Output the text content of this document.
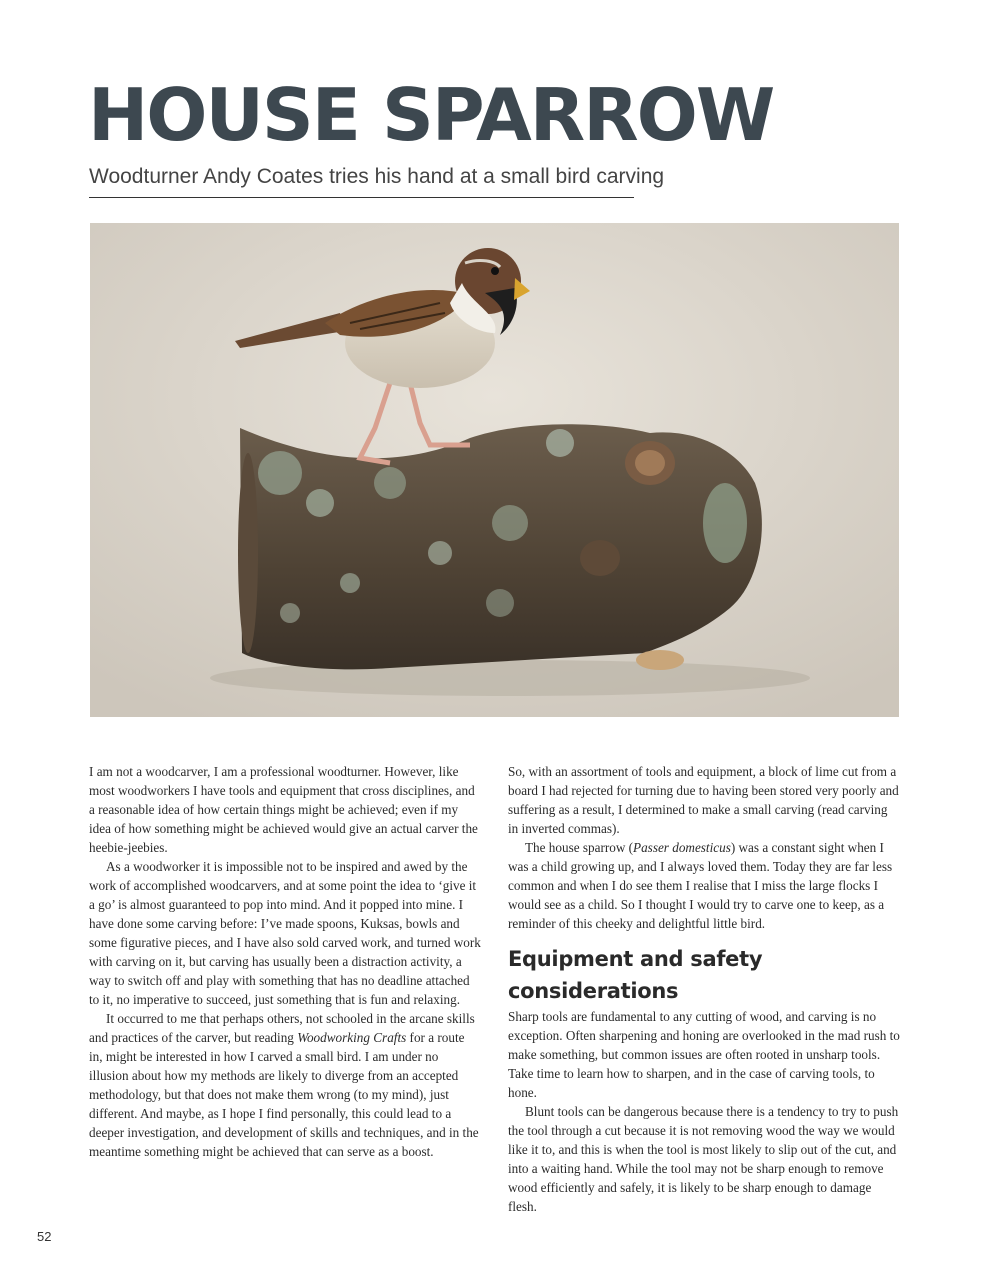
HOUSE SPARROW
Woodturner Andy Coates tries his hand at a small bird carving

I am not a woodcarver, I am a professional woodturner. However, like most woodworkers I have tools and equipment that cross disciplines, and a reasonable idea of how certain things might be achieved; even if my idea of how something might be achieved would give an actual carver the heebie-jeebies.

As a woodworker it is impossible not to be inspired and awed by the work of accomplished woodcarvers, and at some point the idea to ‘give it a go’ is almost guaranteed to pop into mind. And it popped into mine. I have done some carving before: I’ve made spoons, Kuksas, bowls and some figurative pieces, and I have also sold carved work, and turned work with carving on it, but carving has usually been a distraction activity, a way to switch off and play with something that has no deadline attached to it, no imperative to succeed, just something that is fun and relaxing.

It occurred to me that perhaps others, not schooled in the arcane skills and practices of the carver, but reading Woodworking Crafts for a route in, might be interested in how I carved a small bird. I am under no illusion about how my methods are likely to diverge from an accepted methodology, but that does not make them wrong (to my mind), just different. And maybe, as I hope I find personally, this could lead to a deeper investigation, and development of skills and techniques, and in the meantime something might be achieved that can serve as a boost.

So, with an assortment of tools and equipment, a block of lime cut from a board I had rejected for turning due to having been stored very poorly and suffering as a result, I determined to make a small carving (read carving in inverted commas).

The house sparrow (Passer domesticus) was a constant sight when I was a child growing up, and I always loved them. Today they are far less common and when I do see them I realise that I miss the large flocks I would see as a child. So I thought I would try to carve one to keep, as a reminder of this cheeky and delightful little bird.

Equipment and safety considerations

Sharp tools are fundamental to any cutting of wood, and carving is no exception. Often sharpening and honing are overlooked in the mad rush to make something, but common issues are often rooted in unsharp tools. Take time to learn how to sharpen, and in the case of carving tools, to hone.

Blunt tools can be dangerous because there is a tendency to try to push the tool through a cut because it is not removing wood the way we would like it to, and this is when the tool is most likely to slip out of the cut, and into a waiting hand. While the tool may not be sharp enough to remove wood efficiently and safely, it is likely to be sharp enough to damage flesh.

52
